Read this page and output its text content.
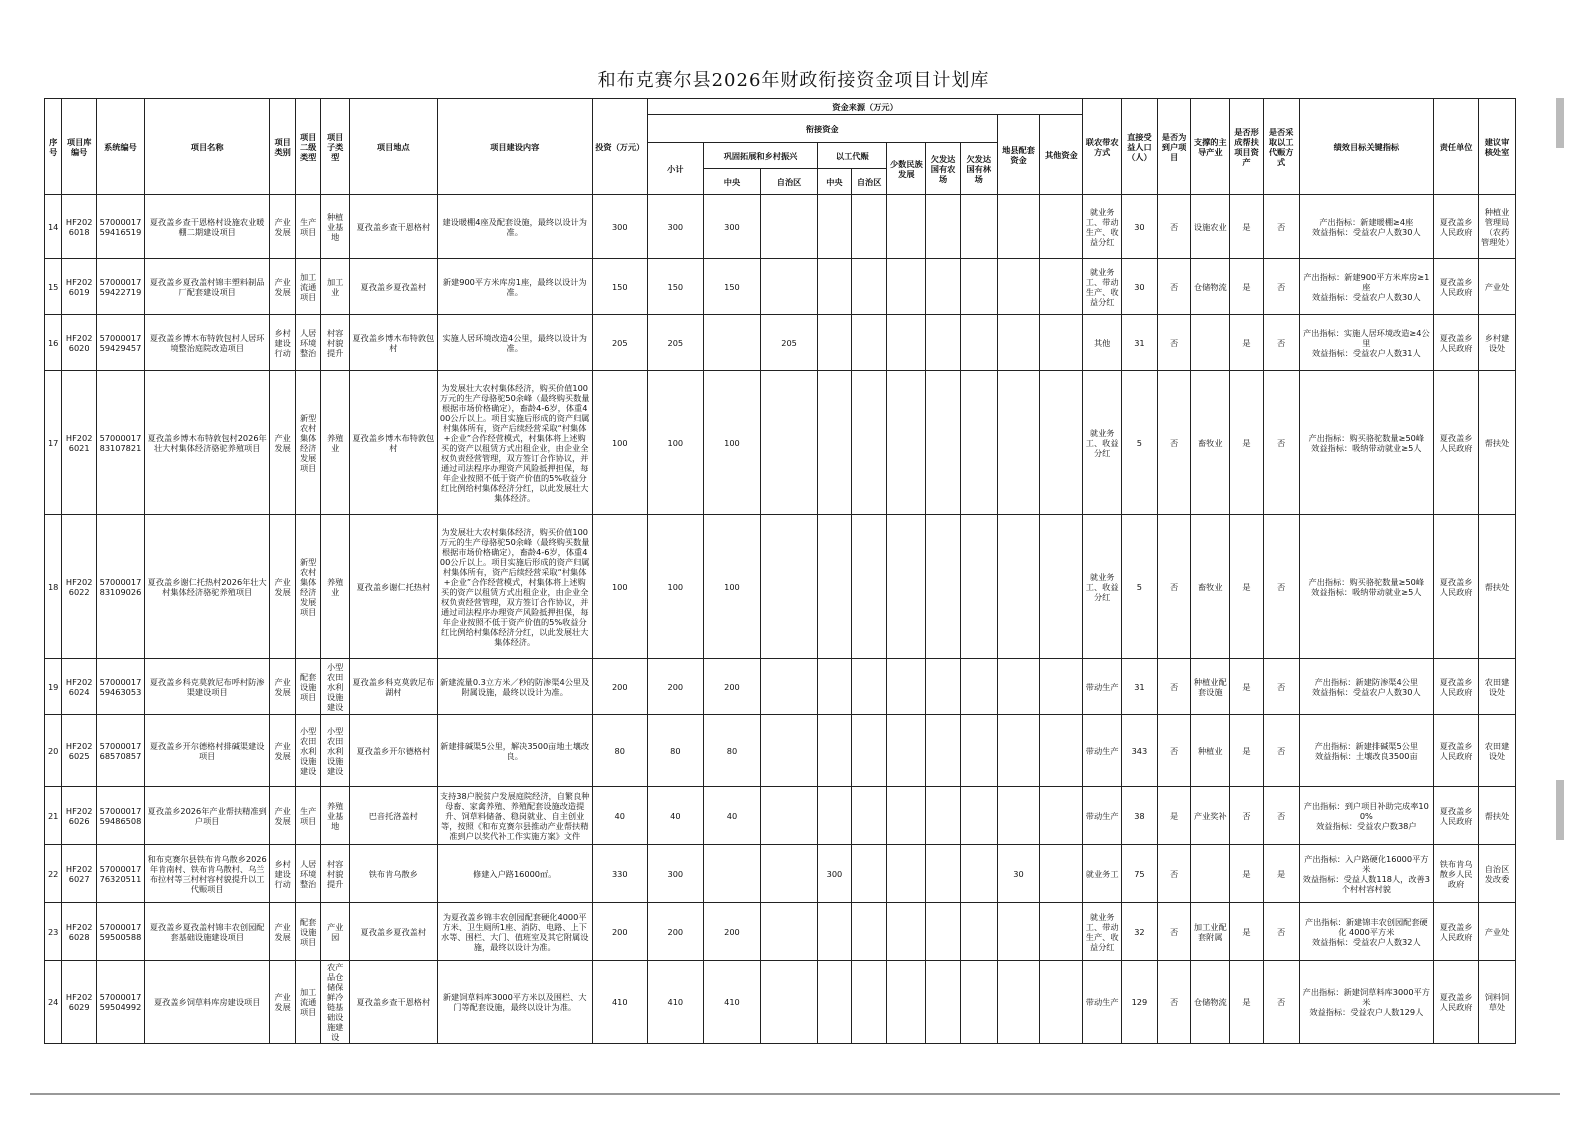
和布克赛尔县2026年财政衔接资金项目计划库
序号	项目库编号	系统编号	项目名称	项目类别	项目二级类型	项目子类型	项目地点	项目建设内容	投资（万元）	资金来源（万元）										联农带农方式	直接受益人口（人）	是否为到户项目	支撑的主导产业	是否形成帮扶项目资产	是否采取以工代赈方式	绩效目标关键指标	责任单位	建议审核处室
										衔接资金								地县配套资金	其他资金									
										小计	巩固拓展和乡村振兴		以工代赈		少数民族发展	欠发达国有农场	欠发达国有林场											
											中央	自治区	中央	自治区														
14	HF2026018	5700001759416519	夏孜盖乡查干恩格村设施农业暖棚二期建设项目	产业发展	生产项目	种植业基地	夏孜盖乡查干恩格村	建设暖棚4座及配套设施，最终以设计为准。	300	300	300									就业务工、带动生产、收益分红	30	否	设施农业	是	否	产出指标：新建暖棚≥4座
效益指标：受益农户人数30人	夏孜盖乡人民政府	种植业管理局（农药管理处）
15	HF2026019	5700001759422719	夏孜盖乡夏孜盖村锦丰塑料制品厂配套建设项目	产业发展	加工流通项目	加工业	夏孜盖乡夏孜盖村	新建900平方米库房1座，最终以设计为准。	150	150	150									就业务工、带动生产、收益分红	30	否	仓储物流	是	否	产出指标：新建900平方米库房≥1座
效益指标：受益农户人数30人	夏孜盖乡人民政府	产业处
16	HF2026020	5700001759429457	夏孜盖乡博木布特敦包村人居环境整治庭院改造项目	乡村建设行动	人居环境整治	村容村貌提升	夏孜盖乡博木布特敦包村	实施人居环境改造4公里，最终以设计为准。	205	205		205								其他	31	否		是	否	产出指标：实施人居环境改造≥4公里
效益指标：受益农户人数31人	夏孜盖乡人民政府	乡村建设处
17	HF2026021	5700001783107821	夏孜盖乡博木布特敦包村2026年壮大村集体经济骆驼养殖项目	产业发展	新型农村集体经济发展项目	养殖业	夏孜盖乡博木布特敦包村	为发展壮大农村集体经济，购买价值100万元的生产母骆驼50余峰（最终购买数量根据市场价格确定），畜龄4-6岁，体重400公斤以上。项目实施后形成的资产归属村集体所有，资产后续经营采取“村集体+企业”合作经营模式，村集体将上述购买的资产以租赁方式出租企业，由企业全权负责经营管理，双方签订合作协议，并通过司法程序办理资产风险抵押担保，每年企业按照不低于资产价值的5%收益分红比例给村集体经济分红，以此发展壮大集体经济。	100	100	100									就业务工、收益分红	5	否	畜牧业	是	否	产出指标：购买骆驼数量≥50峰
效益指标：吸纳带动就业≥5人	夏孜盖乡人民政府	帮扶处
18	HF2026022	5700001783109026	夏孜盖乡谢仁托热村2026年壮大村集体经济骆驼养殖项目	产业发展	新型农村集体经济发展项目	养殖业	夏孜盖乡谢仁托热村	为发展壮大农村集体经济，购买价值100万元的生产母骆驼50余峰（最终购买数量根据市场价格确定），畜龄4-6岁，体重400公斤以上。项目实施后形成的资产归属村集体所有，资产后续经营采取“村集体+企业”合作经营模式，村集体将上述购买的资产以租赁方式出租企业，由企业全权负责经营管理，双方签订合作协议，并通过司法程序办理资产风险抵押担保，每年企业按照不低于资产价值的5%收益分红比例给村集体经济分红，以此发展壮大集体经济。	100	100	100									就业务工、收益分红	5	否	畜牧业	是	否	产出指标：购买骆驼数量≥50峰
效益指标：吸纳带动就业≥5人	夏孜盖乡人民政府	帮扶处
19	HF2026024	5700001759463053	夏孜盖乡科克莫敦尼布呼村防渗渠建设项目	产业发展	配套设施项目	小型农田水利设施建设	夏孜盖乡科克莫敦尼布湖村	新建流量0.3立方米／秒的防渗渠4公里及附属设施，最终以设计为准。	200	200	200									带动生产	31	否	种植业配套设施	是	否	产出指标：新建防渗渠4公里
效益指标：受益农户人数30人	夏孜盖乡人民政府	农田建设处
20	HF2026025	5700001768570857	夏孜盖乡开尔德格村排碱渠建设项目	产业发展	小型农田水利设施建设	小型农田水利设施建设	夏孜盖乡开尔德格村	新建排碱渠5公里，解决3500亩地土壤改良。	80	80	80									带动生产	343	否	种植业	是	否	产出指标：新建排碱渠5公里
效益指标：土壤改良3500亩	夏孜盖乡人民政府	农田建设处
21	HF2026026	5700001759486508	夏孜盖乡2026年产业帮扶精准到户项目	产业发展	生产项目	养殖业基地	巴音托洛盖村	支持38户脱贫户发展庭院经济，自繁良种母畜、家禽养殖、养殖配套设施改造提升、饲草料储备、稳岗就业、自主创业等，按照《和布克赛尔县推动产业帮扶精准到户以奖代补工作实施方案》文件	40	40	40									带动生产	38	是	产业奖补	否	否	产出指标：到户项目补助完成率100%
效益指标：受益农户数38户	夏孜盖乡人民政府	帮扶处
22	HF2026027	5700001776320511	和布克赛尔县铁布肯乌散乡2026年肯南村、铁布肯乌散村、乌兰布拉村等三村村容村貌提升以工代赈项目	乡村建设行动	人居环境整治	村容村貌提升	铁布肯乌散乡	修建入户路16000㎡。	330	300			300					30		就业务工	75	否		是	是	产出指标：入户路硬化16000平方米
效益指标：受益人数118人，改善3个村村容村貌	铁布肯乌散乡人民政府	自治区发改委
23	HF2026028	5700001759500588	夏孜盖乡夏孜盖村锦丰农创园配套基础设施建设项目	产业发展	配套设施项目	产业园	夏孜盖乡夏孜盖村	为夏孜盖乡锦丰农创园配套硬化4000平方米、卫生厕所1座、消防、电路、上下水等、围栏、大门、值班室及其它附属设施，最终以设计为准。	200	200	200									就业务工、带动生产、收益分红	32	否	加工业配套附属	是	否	产出指标：新建锦丰农创园配套硬化 4000平方米
效益指标：受益农户人数32人	夏孜盖乡人民政府	产业处
24	HF2026029	5700001759504992	夏孜盖乡饲草料库房建设项目	产业发展	加工流通项目	农产品仓储保鲜冷链基础设施建设	夏孜盖乡查干恩格村	新建饲草料库3000平方米以及围栏、大门等配套设施，最终以设计为准。	410	410	410									带动生产	129	否	仓储物流	是	否	产出指标：新建饲草料库3000平方米
效益指标：受益农户人数129人	夏孜盖乡人民政府	饲料饲草处
